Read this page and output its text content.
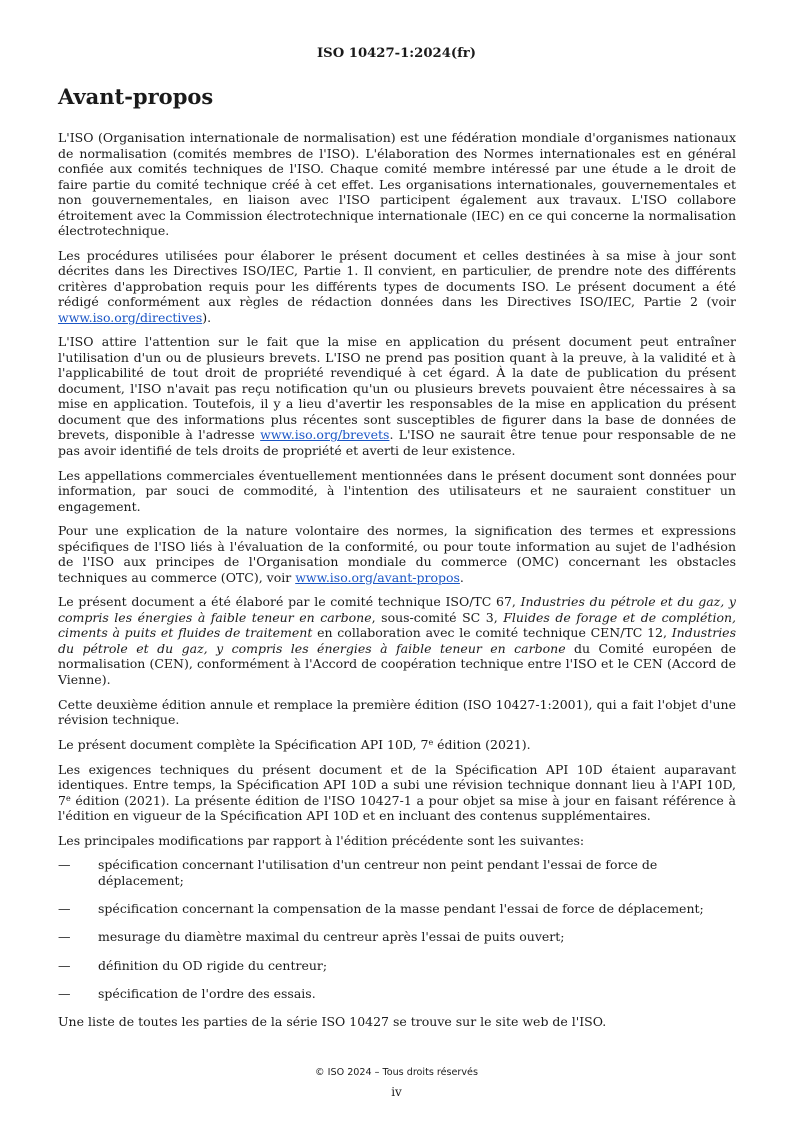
ISO 10427-1:2024(fr)
Avant-propos

L'ISO (Organisation internationale de normalisation) est une fédération mondiale d'organismes nationaux de normalisation (comités membres de l'ISO). L'élaboration des Normes internationales est en général confiée aux comités techniques de l'ISO. Chaque comité membre intéressé par une étude a le droit de faire partie du comité technique créé à cet effet. Les organisations internationales, gouvernementales et non gouvernementales, en liaison avec l'ISO participent également aux travaux. L'ISO collabore étroitement avec la Commission électrotechnique internationale (IEC) en ce qui concerne la normalisation électrotechnique.

Les procédures utilisées pour élaborer le présent document et celles destinées à sa mise à jour sont décrites dans les Directives ISO/IEC, Partie 1. Il convient, en particulier, de prendre note des différents critères d'approbation requis pour les différents types de documents ISO. Le présent document a été rédigé conformément aux règles de rédaction données dans les Directives ISO/IEC, Partie 2 (voir www.iso.org/directives).

L'ISO attire l'attention sur le fait que la mise en application du présent document peut entraîner l'utilisation d'un ou de plusieurs brevets. L'ISO ne prend pas position quant à la preuve, à la validité et à l'applicabilité de tout droit de propriété revendiqué à cet égard. À la date de publication du présent document, l'ISO n'avait pas reçu notification qu'un ou plusieurs brevets pouvaient être nécessaires à sa mise en application. Toutefois, il y a lieu d'avertir les responsables de la mise en application du présent document que des informations plus récentes sont susceptibles de figurer dans la base de données de brevets, disponible à l'adresse www.iso.org/brevets. L'ISO ne saurait être tenue pour responsable de ne pas avoir identifié de tels droits de propriété et averti de leur existence.

Les appellations commerciales éventuellement mentionnées dans le présent document sont données pour information, par souci de commodité, à l'intention des utilisateurs et ne sauraient constituer un engagement.

Pour une explication de la nature volontaire des normes, la signification des termes et expressions spécifiques de l'ISO liés à l'évaluation de la conformité, ou pour toute information au sujet de l'adhésion de l'ISO aux principes de l'Organisation mondiale du commerce (OMC) concernant les obstacles techniques au commerce (OTC), voir www.iso.org/avant-propos.

Le présent document a été élaboré par le comité technique ISO/TC 67, Industries du pétrole et du gaz, y compris les énergies à faible teneur en carbone, sous-comité SC 3, Fluides de forage et de complétion, ciments à puits et fluides de traitement en collaboration avec le comité technique CEN/TC 12, Industries du pétrole et du gaz, y compris les énergies à faible teneur en carbone du Comité européen de normalisation (CEN), conformément à l'Accord de coopération technique entre l'ISO et le CEN (Accord de Vienne).

Cette deuxième édition annule et remplace la première édition (ISO 10427-1:2001), qui a fait l'objet d'une révision technique.

Le présent document complète la Spécification API 10D, 7e édition (2021).

Les exigences techniques du présent document et de la Spécification API 10D étaient auparavant identiques. Entre temps, la Spécification API 10D a subi une révision technique donnant lieu à l'API 10D, 7e édition (2021). La présente édition de l'ISO 10427-1 a pour objet sa mise à jour en faisant référence à l'édition en vigueur de la Spécification API 10D et en incluant des contenus supplémentaires.

Les principales modifications par rapport à l'édition précédente sont les suivantes:

— spécification concernant l'utilisation d'un centreur non peint pendant l'essai de force de déplacement;
— spécification concernant la compensation de la masse pendant l'essai de force de déplacement;
— mesurage du diamètre maximal du centreur après l'essai de puits ouvert;
— définition du OD rigide du centreur;
— spécification de l'ordre des essais.

Une liste de toutes les parties de la série ISO 10427 se trouve sur le site web de l'ISO.

© ISO 2024 – Tous droits réservés
iv
